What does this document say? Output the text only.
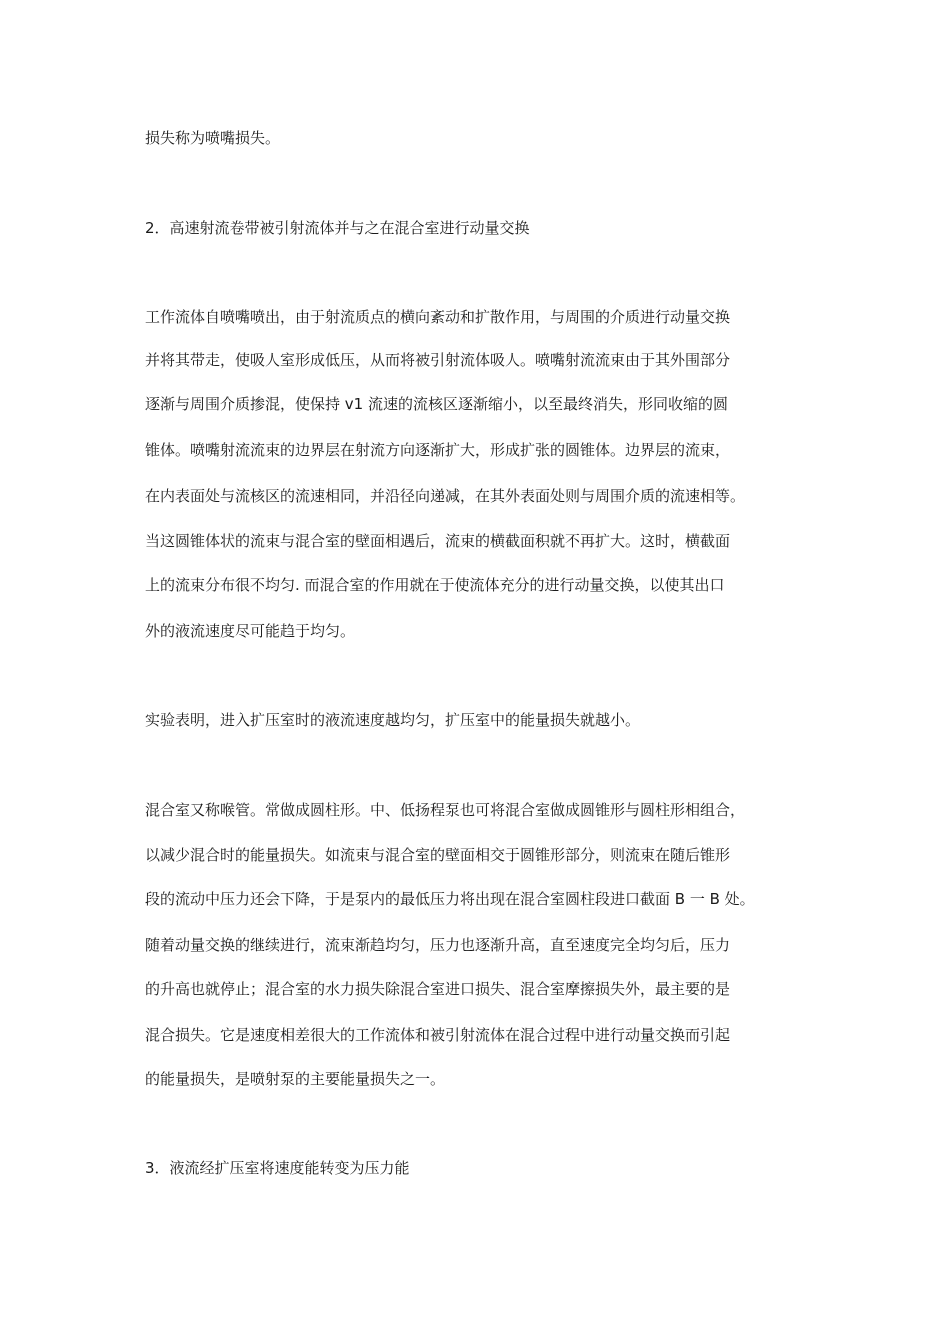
损失称为喷嘴损失。
2．高速射流卷带被引射流体并与之在混合室进行动量交换
工作流体自喷嘴喷出，由于射流质点的横向紊动和扩散作用，与周围的介质进行动量交换
并将其带走，使吸人室形成低压，从而将被引射流体吸人。喷嘴射流流束由于其外围部分
逐渐与周围介质掺混，使保持 v1 流速的流核区逐渐缩小，以至最终消失，形同收缩的圆
锥体。喷嘴射流流束的边界层在射流方向逐渐扩大，形成扩张的圆锥体。边界层的流束，
在内表面处与流核区的流速相同，并沿径向递减，在其外表面处则与周围介质的流速相等。
当这圆锥体状的流束与混合室的壁面相遇后，流束的横截面积就不再扩大。这时，横截面
上的流束分布很不均匀. 而混合室的作用就在于使流体充分的进行动量交换，以使其出口
外的液流速度尽可能趋于均匀。
实验表明，进入扩压室时的液流速度越均匀，扩压室中的能量损失就越小。
混合室又称喉管。常做成圆柱形。中、低扬程泵也可将混合室做成圆锥形与圆柱形相组合，
以减少混合时的能量损失。如流束与混合室的壁面相交于圆锥形部分，则流束在随后锥形
段的流动中压力还会下降，于是泵内的最低压力将出现在混合室圆柱段进口截面 B 一 B 处。
随着动量交换的继续进行，流束渐趋均匀，压力也逐渐升高，直至速度完全均匀后，压力
的升高也就停止；混合室的水力损失除混合室进口损失、混合室摩擦损失外，最主要的是
混合损失。它是速度相差很大的工作流体和被引射流体在混合过程中进行动量交换而引起
的能量损失，是喷射泵的主要能量损失之一。
3．液流经扩压室将速度能转变为压力能
